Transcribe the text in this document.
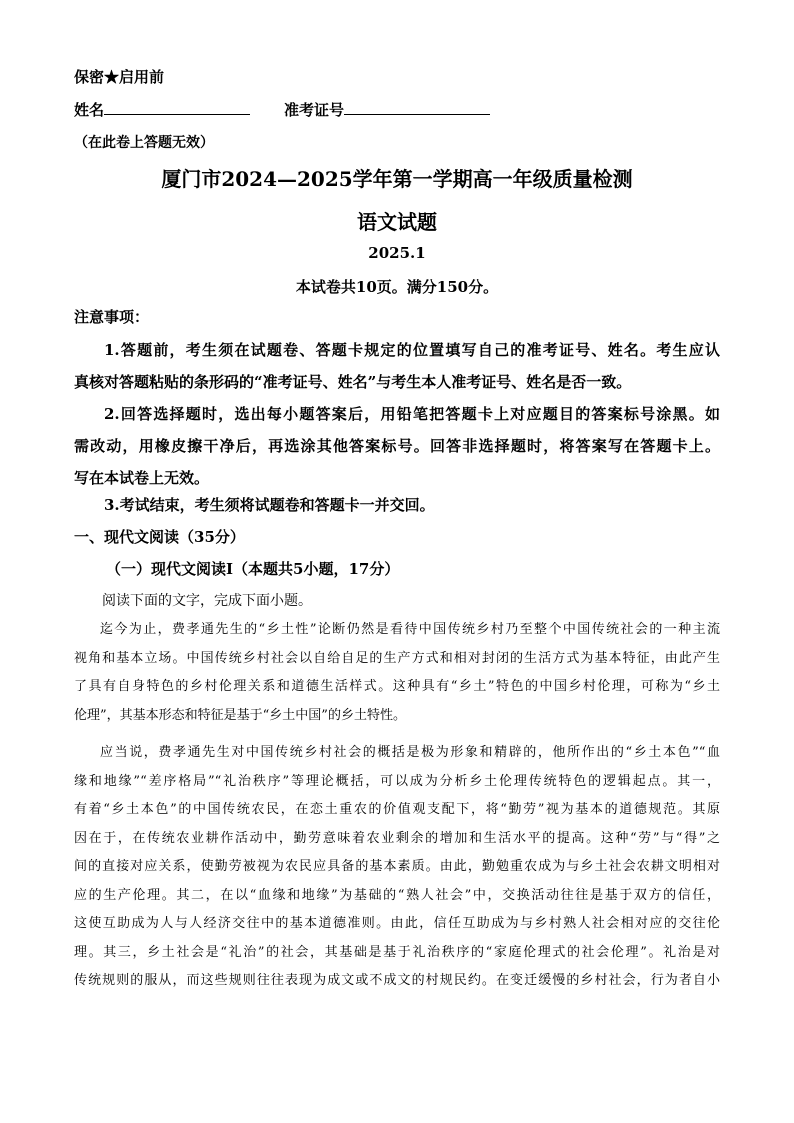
保密★启用前
姓名	准考证号
（在此卷上答题无效）
厦门市2024—2025学年第一学期高一年级质量检测
语文试题
2025.1
本试卷共10页。满分150分。
注意事项：
1.答题前，考生须在试题卷、答题卡规定的位置填写自己的准考证号、姓名。考生应认
真核对答题粘贴的条形码的“准考证号、姓名”与考生本人准考证号、姓名是否一致。
2.回答选择题时，选出每小题答案后，用铅笔把答题卡上对应题目的答案标号涂黑。如
需改动，用橡皮擦干净后，再选涂其他答案标号。回答非选择题时，将答案写在答题卡上。
写在本试卷上无效。
3.考试结束，考生须将试题卷和答题卡一并交回。
一、现代文阅读（35分）
（一）现代文阅读Ⅰ（本题共5小题，17分）
阅读下面的文字，完成下面小题。
迄今为止，费孝通先生的“乡土性”论断仍然是看待中国传统乡村乃至整个中国传统社会的一种主流
视角和基本立场。中国传统乡村社会以自给自足的生产方式和相对封闭的生活方式为基本特征，由此产生
了具有自身特色的乡村伦理关系和道德生活样式。这种具有“乡土”特色的中国乡村伦理，可称为“乡土
伦理”，其基本形态和特征是基于“乡土中国”的乡土特性。
应当说，费孝通先生对中国传统乡村社会的概括是极为形象和精辟的，他所作出的“乡土本色”“血
缘和地缘”“差序格局”“礼治秩序”等理论概括，可以成为分析乡土伦理传统特色的逻辑起点。其一，
有着“乡土本色”的中国传统农民，在恋土重农的价值观支配下，将“勤劳”视为基本的道德规范。其原
因在于，在传统农业耕作活动中，勤劳意味着农业剩余的增加和生活水平的提高。这种“劳”与“得”之
间的直接对应关系，使勤劳被视为农民应具备的基本素质。由此，勤勉重农成为与乡土社会农耕文明相对
应的生产伦理。其二，在以“血缘和地缘”为基础的“熟人社会”中，交换活动往往是基于双方的信任，
这使互助成为人与人经济交往中的基本道德准则。由此，信任互助成为与乡村熟人社会相对应的交往伦
理。其三，乡土社会是“礼治”的社会，其基础是基于礼治秩序的“家庭伦理式的社会伦理”。礼治是对
传统规则的服从，而这些规则往往表现为成文或不成文的村规民约。在变迁缓慢的乡村社会，行为者自小
